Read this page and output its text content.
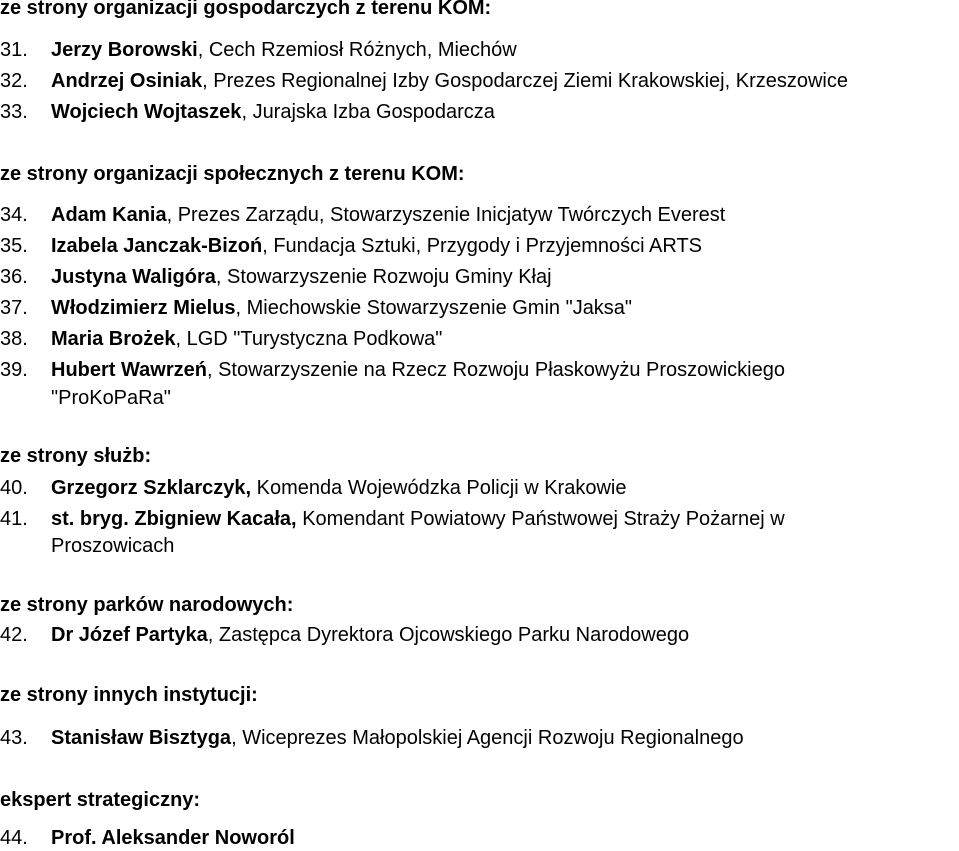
ze strony organizacji gospodarczych z terenu KOM:
31. Jerzy Borowski, Cech Rzemiosł Różnych, Miechów
32. Andrzej Osiniak, Prezes Regionalnej Izby Gospodarczej Ziemi Krakowskiej, Krzeszowice
33. Wojciech Wojtaszek, Jurajska Izba Gospodarcza
ze strony organizacji społecznych z terenu KOM:
34. Adam Kania, Prezes Zarządu, Stowarzyszenie Inicjatyw Twórczych Everest
35. Izabela Janczak-Bizoń, Fundacja Sztuki, Przygody i Przyjemności ARTS
36. Justyna Waligóra, Stowarzyszenie Rozwoju Gminy Kłaj
37. Włodzimierz Mielus, Miechowskie Stowarzyszenie Gmin "Jaksa"
38. Maria Brożek, LGD "Turystyczna Podkowa"
39. Hubert Wawrzeń, Stowarzyszenie na Rzecz Rozwoju Płaskowyżu Proszowickiego
"ProKoPaRa"
ze strony służb:
40. Grzegorz Szklarczyk, Komenda Wojewódzka Policji w Krakowie
41. st. bryg. Zbigniew Kacała, Komendant Powiatowy Państwowej Straży Pożarnej w
Proszowicach
ze strony parków narodowych:
42. Dr Józef Partyka, Zastępca Dyrektora Ojcowskiego Parku Narodowego
ze strony innych instytucji:
43. Stanisław Bisztyga, Wiceprezes Małopolskiej Agencji Rozwoju Regionalnego
ekspert strategiczny:
44. Prof. Aleksander Noworól
